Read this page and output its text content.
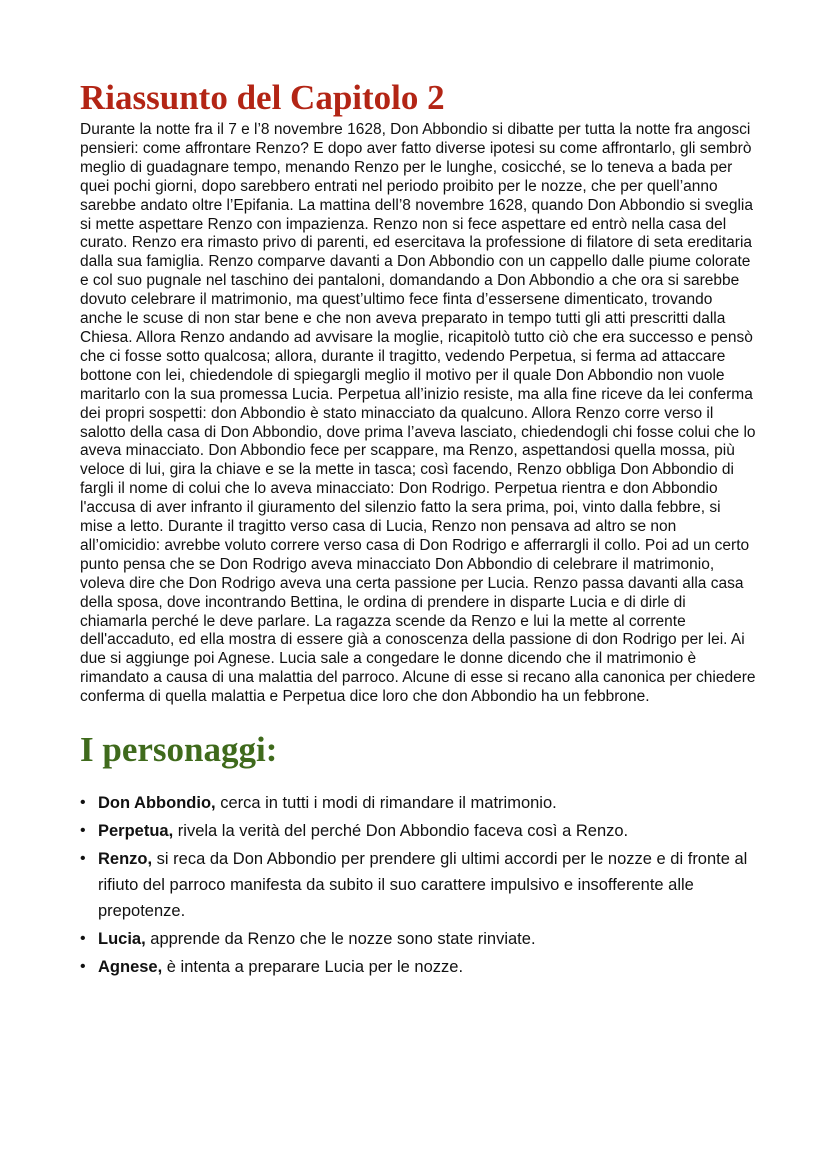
Riassunto del Capitolo 2

Durante la notte fra il 7 e l’8 novembre 1628, Don Abbondio si dibatte per tutta la notte fra angosci pensieri: come affrontare Renzo? E dopo aver fatto diverse ipotesi su come affrontarlo, gli sembrò meglio di guadagnare tempo, menando Renzo per le lunghe, cosicché, se lo teneva a bada per quei pochi giorni, dopo sarebbero entrati nel periodo proibito per le nozze, che per quell’anno sarebbe andato oltre l’Epifania. La mattina dell’8 novembre 1628, quando Don Abbondio si sveglia si mette aspettare Renzo con impazienza. Renzo non si fece aspettare ed entrò nella casa del curato. Renzo era rimasto privo di parenti, ed esercitava la professione di filatore di seta ereditaria dalla sua famiglia. Renzo comparve davanti a Don Abbondio con un cappello dalle piume colorate e col suo pugnale nel taschino dei pantaloni, domandando a Don Abbondio a che ora si sarebbe dovuto celebrare il matrimonio, ma quest’ultimo fece finta d’essersene dimenticato, trovando anche le scuse di non star bene e che non aveva preparato in tempo tutti gli atti prescritti dalla Chiesa. Allora Renzo andando ad avvisare la moglie, ricapitolò tutto ciò che era successo e pensò che ci fosse sotto qualcosa; allora, durante il tragitto, vedendo Perpetua, si ferma ad attaccare bottone con lei, chiedendole di spiegargli meglio il motivo per il quale Don Abbondio non vuole maritarlo con la sua promessa Lucia. Perpetua all’inizio resiste, ma alla fine riceve da lei conferma dei propri sospetti: don Abbondio è stato minacciato da qualcuno. Allora Renzo corre verso il salotto della casa di Don Abbondio, dove prima l’aveva lasciato, chiedendogli chi fosse colui che lo aveva minacciato. Don Abbondio fece per scappare, ma Renzo, aspettandosi quella mossa, più veloce di lui, gira la chiave e se la mette in tasca; così facendo, Renzo obbliga Don Abbondio di fargli il nome di colui che lo aveva minacciato: Don Rodrigo. Perpetua rientra e don Abbondio l'accusa di aver infranto il giuramento del silenzio fatto la sera prima, poi, vinto dalla febbre, si mise a letto. Durante il tragitto verso casa di Lucia, Renzo non pensava ad altro se non all’omicidio: avrebbe voluto correre verso casa di Don Rodrigo e afferrargli il collo. Poi ad un certo punto pensa che se Don Rodrigo aveva minacciato Don Abbondio di celebrare il matrimonio, voleva dire che Don Rodrigo aveva una certa passione per Lucia. Renzo passa davanti alla casa della sposa, dove incontrando Bettina, le ordina di prendere in disparte Lucia e di dirle di chiamarla perché le deve parlare. La ragazza scende da Renzo e lui la mette al corrente dell'accaduto, ed ella mostra di essere già a conoscenza della passione di don Rodrigo per lei. Ai due si aggiunge poi Agnese. Lucia sale a congedare le donne dicendo che il matrimonio è rimandato a causa di una malattia del parroco. Alcune di esse si recano alla canonica per chiedere conferma di quella malattia e Perpetua dice loro che don Abbondio ha un febbrone.

I personaggi:
• Don Abbondio, cerca in tutti i modi di rimandare il matrimonio.
• Perpetua, rivela la verità del perché Don Abbondio faceva così a Renzo.
• Renzo, si reca da Don Abbondio per prendere gli ultimi accordi per le nozze e di fronte al rifiuto del parroco manifesta da subito il suo carattere impulsivo e insofferente alle prepotenze.
• Lucia, apprende da Renzo che le nozze sono state rinviate.
• Agnese, è intenta a preparare Lucia per le nozze.
